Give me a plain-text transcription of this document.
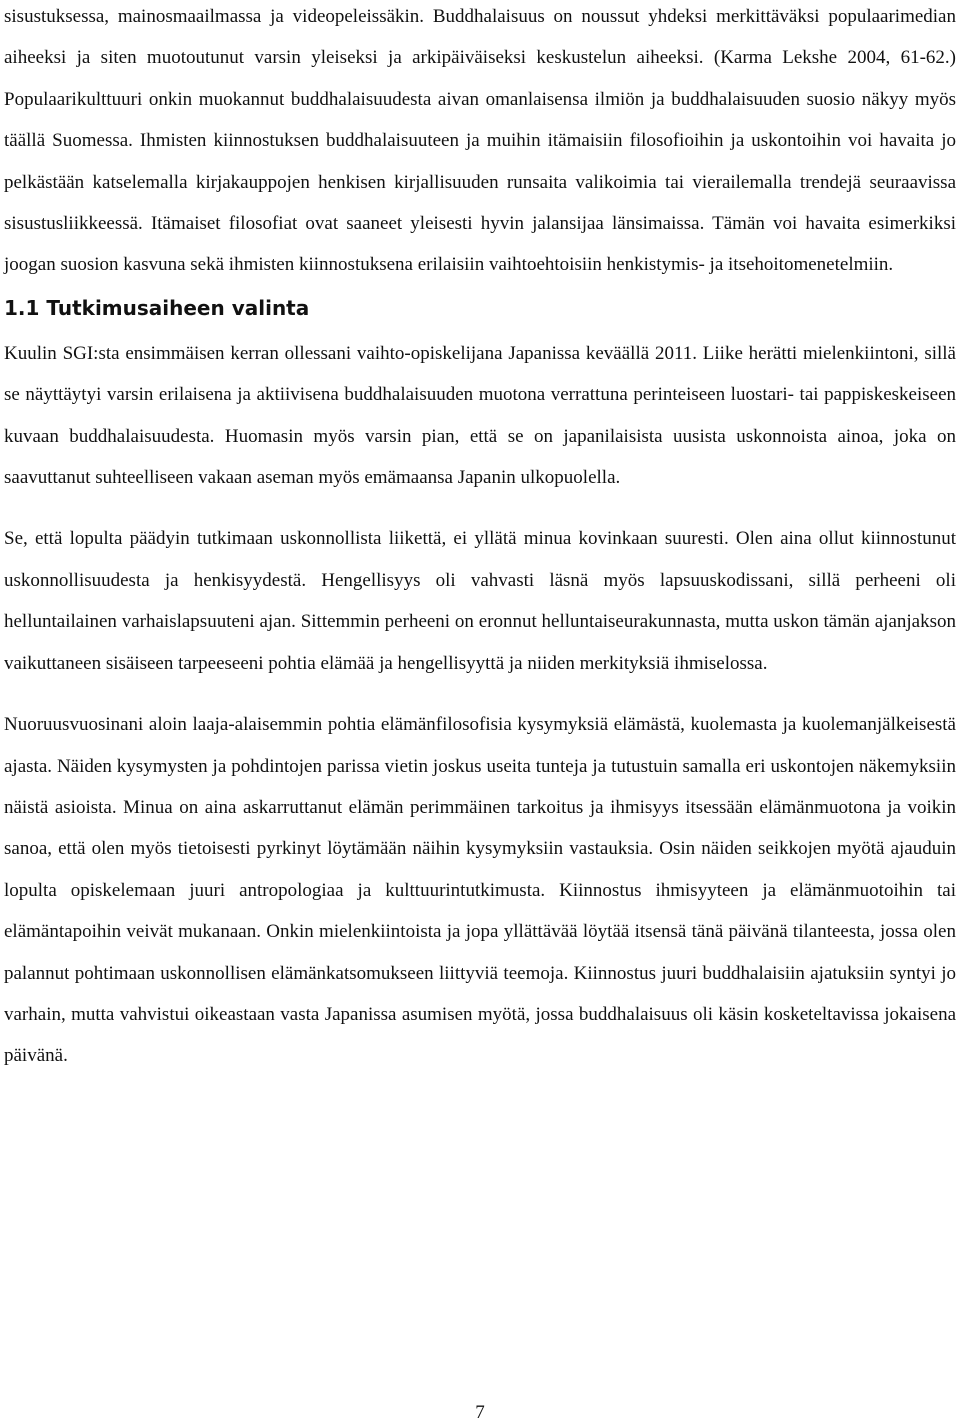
sisustuksessa, mainosmaailmassa ja videopeleissäkin. Buddhalaisuus on noussut yhdeksi merkittäväksi populaarimedian aiheeksi ja siten muotoutunut varsin yleiseksi ja arkipäiväiseksi keskustelun aiheeksi. (Karma Lekshe 2004, 61-62.) Populaarikulttuuri onkin muokannut buddhalaisuudesta aivan omanlaisensa ilmiön ja buddhalaisuuden suosio näkyy myös täällä Suomessa. Ihmisten kiinnostuksen buddhalaisuuteen ja muihin itämaisiin filosofioihin ja uskontoihin voi havaita jo pelkästään katselemalla kirjakauppojen henkisen kirjallisuuden runsaita valikoimia tai vierailemalla trendejä seuraavissa sisustusliikkeessä. Itämaiset filosofiat ovat saaneet yleisesti hyvin jalansijaa länsimaissa. Tämän voi havaita esimerkiksi joogan suosion kasvuna sekä ihmisten kiinnostuksena erilaisiin vaihtoehtoisiin henkistymis- ja itsehoitomenetelmiin.

1.1 Tutkimusaiheen valinta

Kuulin SGI:sta ensimmäisen kerran ollessani vaihto-opiskelijana Japanissa keväällä 2011. Liike herätti mielenkiintoni, sillä se näyttäytyi varsin erilaisena ja aktiivisena buddhalaisuuden muotona verrattuna perinteiseen luostari- tai pappiskeskeiseen kuvaan buddhalaisuudesta. Huomasin myös varsin pian, että se on japanilaisista uusista uskonnoista ainoa, joka on saavuttanut suhteelliseen vakaan aseman myös emämaansa Japanin ulkopuolella.

Se, että lopulta päädyin tutkimaan uskonnollista liikettä, ei yllätä minua kovinkaan suuresti. Olen aina ollut kiinnostunut uskonnollisuudesta ja henkisyydestä. Hengellisyys oli vahvasti läsnä myös lapsuuskodissani, sillä perheeni oli helluntailainen varhaislapsuuteni ajan. Sittemmin perheeni on eronnut helluntaiseurakunnasta, mutta uskon tämän ajanjakson vaikuttaneen sisäiseen tarpeeseeni pohtia elämää ja hengellisyyttä ja niiden merkityksiä ihmiselossa.

Nuoruusvuosinani aloin laaja-alaisemmin pohtia elämänfilosofisia kysymyksiä elämästä, kuolemasta ja kuolemanjälkeisestä ajasta. Näiden kysymysten ja pohdintojen parissa vietin joskus useita tunteja ja tutustuin samalla eri uskontojen näkemyksiin näistä asioista. Minua on aina askarruttanut elämän perimmäinen tarkoitus ja ihmisyys itsessään elämänmuotona ja voikin sanoa, että olen myös tietoisesti pyrkinyt löytämään näihin kysymyksiin vastauksia. Osin näiden seikkojen myötä ajauduin lopulta opiskelemaan juuri antropologiaa ja kulttuurintutkimusta. Kiinnostus ihmisyyteen ja elämänmuotoihin tai elämäntapoihin veivät mukanaan. Onkin mielenkiintoista ja jopa yllättävää löytää itsensä tänä päivänä tilanteesta, jossa olen palannut pohtimaan uskonnollisen elämänkatsomukseen liittyviä teemoja. Kiinnostus juuri buddhalaisiin ajatuksiin syntyi jo varhain, mutta vahvistui oikeastaan vasta Japanissa asumisen myötä, jossa buddhalaisuus oli käsin kosketeltavissa jokaisena päivänä.

7
